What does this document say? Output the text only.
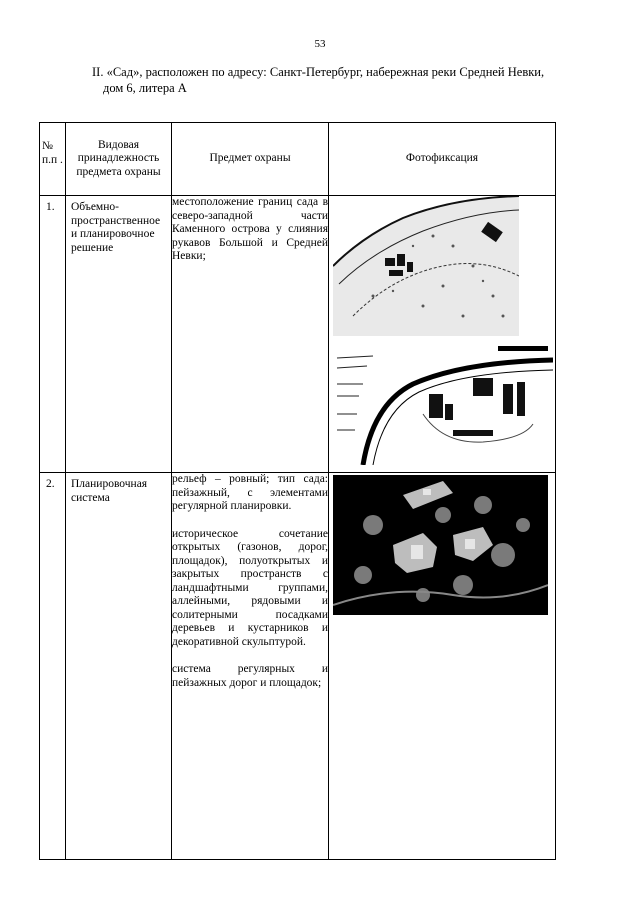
53
II. «Сад», расположен по адресу: Санкт-Петербург, набережная реки Средней Невки,
дом 6, литера А
№ п.п .	Видовая принадлежность предмета охраны	Предмет охраны	Фотофиксация

1.	Объемно-пространственное и планировочное решение	местоположение границ сада в северо-западной части Каменного острова у слияния рукавов Большой и Средней Невки;

2.	Планировочная система	рельеф – ровный; тип сада: пейзажный, с элементами регулярной планировки.

историческое сочетание открытых (газонов, дорог, площадок), полуоткрытых и закрытых пространств с ландшафтными группами, аллейными, рядовыми и солитерными посадками деревьев и кустарников и декоративной скульптурой.

система регулярных и пейзажных дорог и площадок;
